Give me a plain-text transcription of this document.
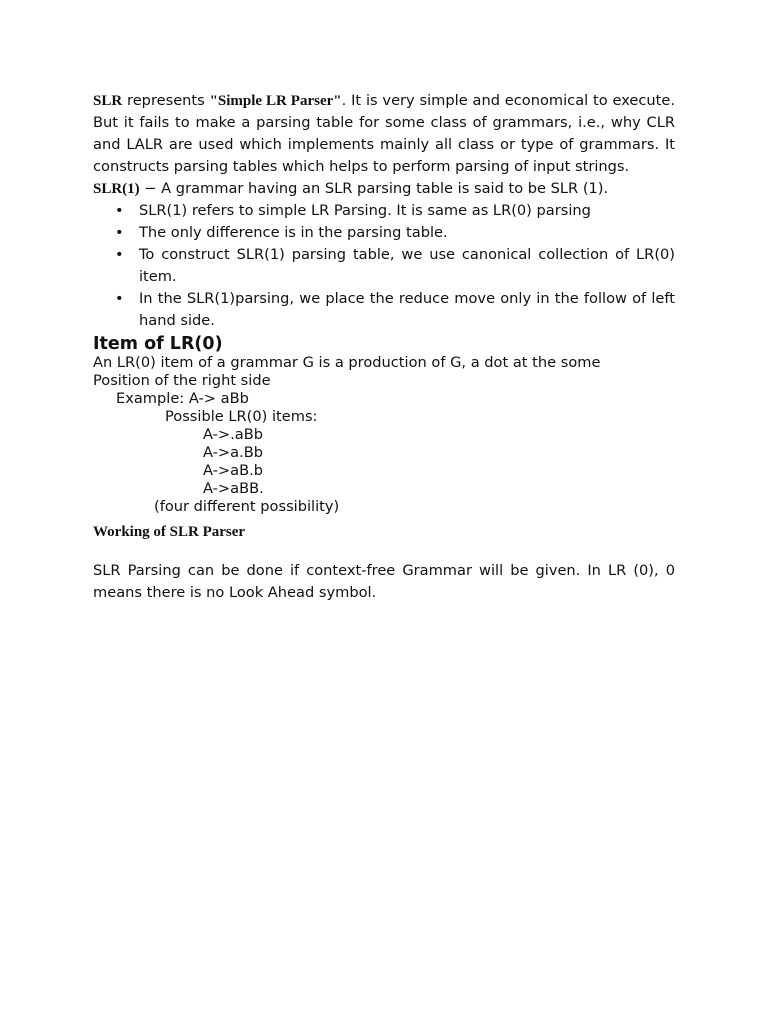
SLR represents "Simple LR Parser". It is very simple and economical to execute. But it fails to make a parsing table for some class of grammars, i.e., why CLR and LALR are used which implements mainly all class or type of grammars. It constructs parsing tables which helps to perform parsing of input strings.

SLR(1) − A grammar having an SLR parsing table is said to be SLR (1).

• SLR(1) refers to simple LR Parsing. It is same as LR(0) parsing
• The only difference is in the parsing table.
• To construct SLR(1) parsing table, we use canonical collection of LR(0) item.
• In the SLR(1)parsing, we place the reduce move only in the follow of left hand side.
Item of LR(0)
An LR(0) item of a grammar G is a production of G, a dot at the some
Position of the right side
Example: A-> aBb
Possible LR(0) items:
A->.aBb
A->a.Bb
A->aB.b
A->aBB.
(four different possibility)
Working of SLR Parser

SLR Parsing can be done if context-free Grammar will be given. In LR (0), 0 means there is no Look Ahead symbol.
